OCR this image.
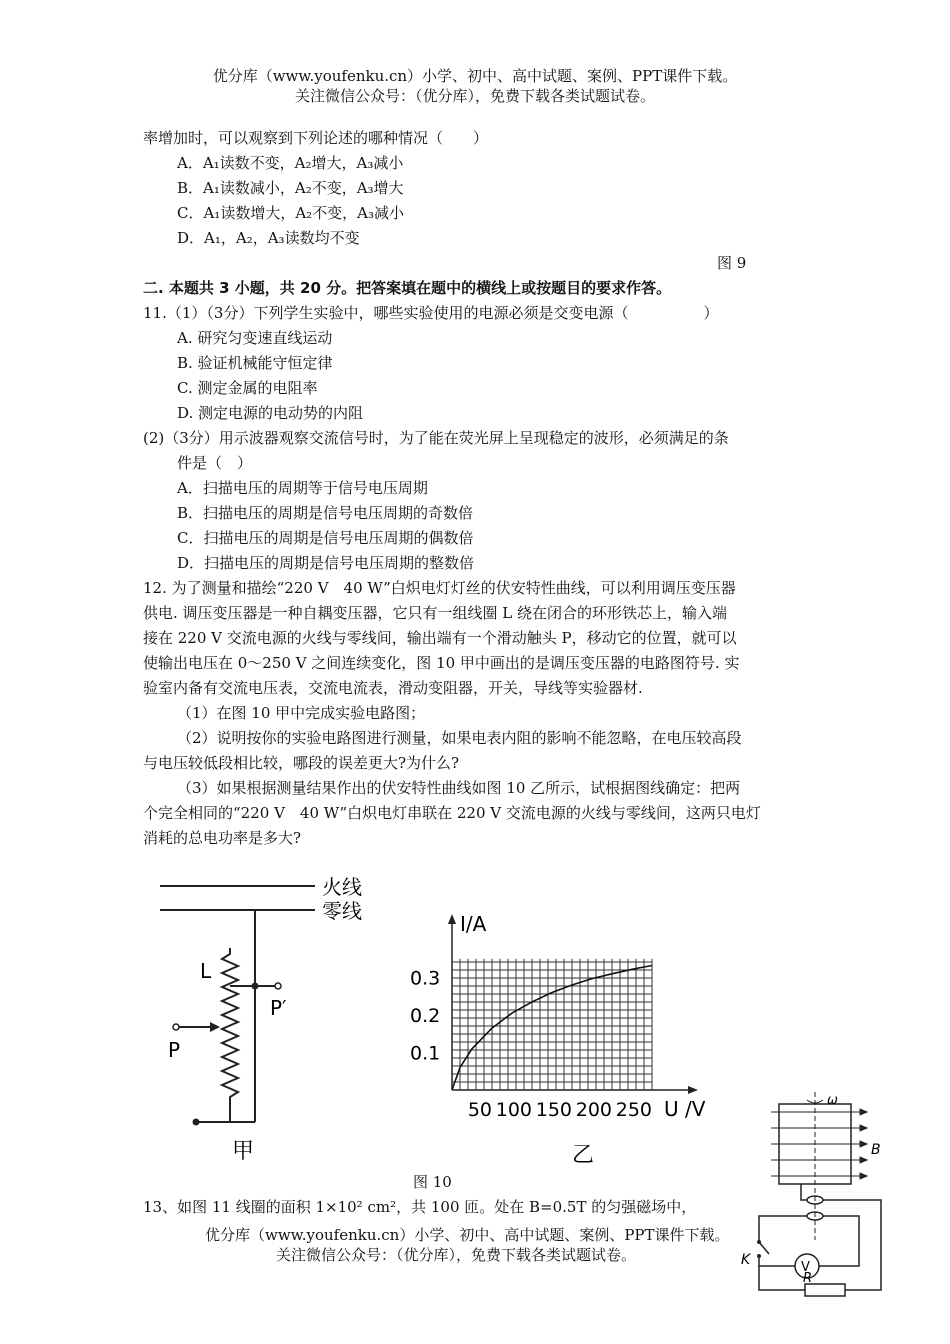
优分库（www.youfenku.cn）小学、初中、高中试题、案例、PPT课件下载。
关注微信公众号：（优分库），免费下载各类试题试卷。
率增加时，可以观察到下列论述的哪种情况（　　）
A．A₁读数不变，A₂增大，A₃减小
B．A₁读数减小，A₂不变，A₃增大
C．A₁读数增大，A₂不变，A₃减小
D．A₁，A₂，A₃读数均不变
图 9
二. 本题共 3 小题，共 20 分。把答案填在题中的横线上或按题目的要求作答。
11.（1）（3分）下列学生实验中，哪些实验使用的电源必须是交变电源（　　　　　）
A. 研究匀变速直线运动
B. 验证机械能守恒定律
C. 测定金属的电阻率
D. 测定电源的电动势的内阻
(2)（3分）用示波器观察交流信号时，为了能在荧光屏上呈现稳定的波形，必须满足的条
件是（　）
A．扫描电压的周期等于信号电压周期
B．扫描电压的周期是信号电压周期的奇数倍
C．扫描电压的周期是信号电压周期的偶数倍
D．扫描电压的周期是信号电压周期的整数倍
12. 为了测量和描绘“220 V　40 W”白炽电灯灯丝的伏安特性曲线，可以利用调压变压器
供电. 调压变压器是一种自耦变压器，它只有一组线圈 L 绕在闭合的环形铁芯上，输入端
接在 220 V 交流电源的火线与零线间，输出端有一个滑动触头 P，移动它的位置，就可以
使输出电压在 0～250 V 之间连续变化，图 10 甲中画出的是调压变压器的电路图符号. 实
验室内备有交流电压表，交流电流表，滑动变阻器，开关，导线等实验器材.
（1）在图 10 甲中完成实验电路图；
（2）说明按你的实验电路图进行测量，如果电表内阻的影响不能忽略，在电压较高段
与电压较低段相比较，哪段的误差更大?为什么?
（3）如果根据测量结果作出的伏安特性曲线如图 10 乙所示，试根据图线确定：把两
个完全相同的“220 V　40 W”白炽电灯串联在 220 V 交流电源的火线与零线间，这两只电灯
消耗的总电功率是多大?
火线
零线
L
P′
P
甲
I/A
U /V
0.1
0.2
0.3
50 100 150 200 250
乙
图 10
13、如图 11 线圈的面积 1×10² cm²，共 100 匝。处在 B=0.5T 的匀强磁场中，
ω
B
K	V
R
优分库（www.youfenku.cn）小学、初中、高中试题、案例、PPT课件下载。
关注微信公众号：（优分库），免费下载各类试题试卷。
